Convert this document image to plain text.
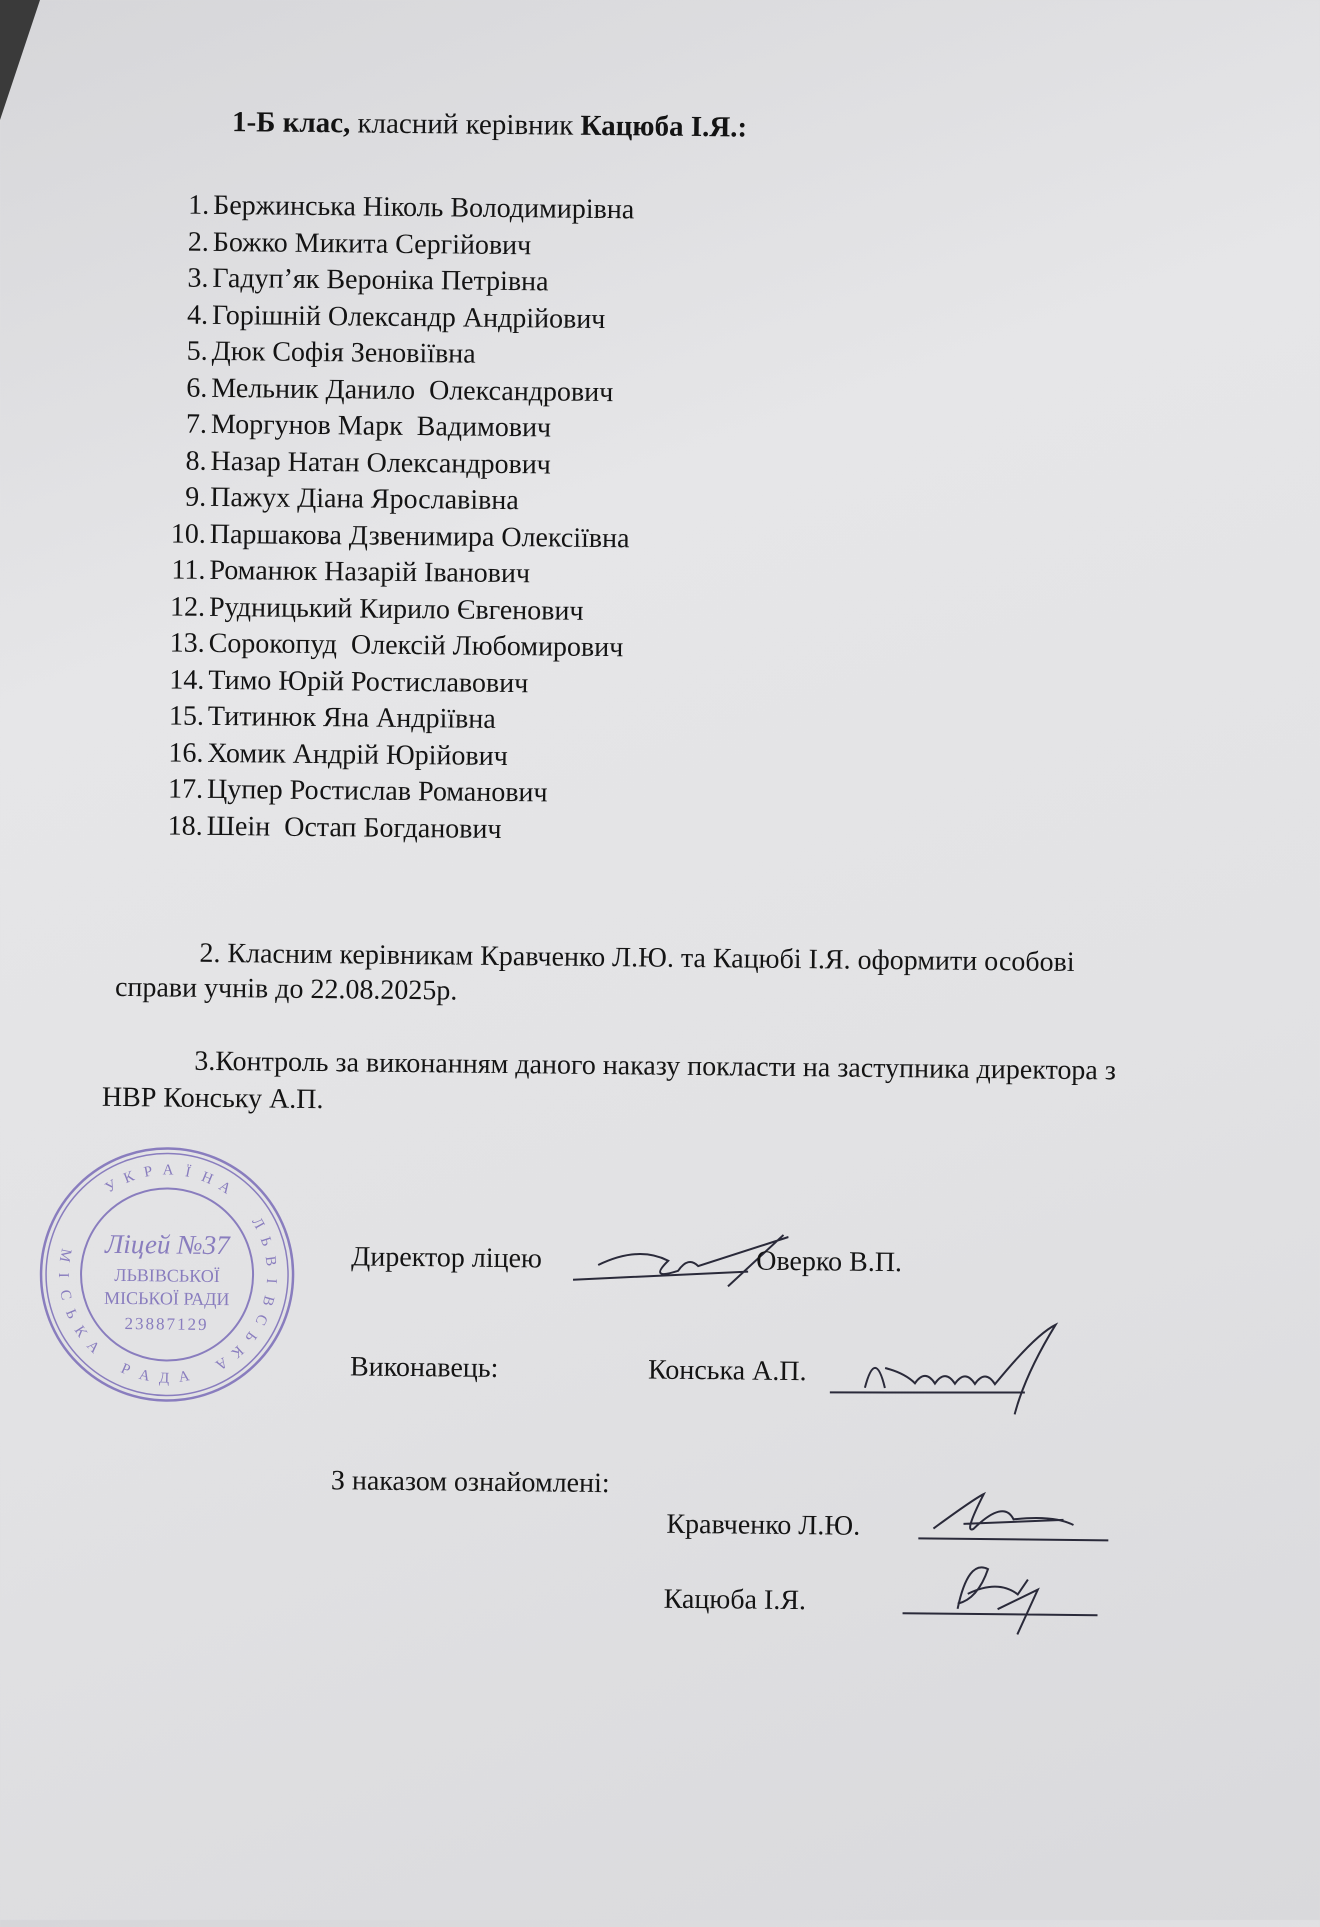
1-Б клас, класний керівник Кацюба І.Я.:
1. Бержинська Ніколь Володимирівна
2. Божко Микита Сергійович
3. Гадуп’як Вероніка Петрівна
4. Горішній Олександр Андрійович
5. Дюк Софія Зеновіївна
6. Мельник Данило  Олександрович
7. Моргунов Марк  Вадимович
8. Назар Натан Олександрович
9. Пажух Діана Ярославівна
10. Паршакова Дзвенимира Олексіївна
11. Романюк Назарій Іванович
12. Рудницький Кирило Євгенович
13. Сорокопуд  Олексій Любомирович
14. Тимо Юрій Ростиславович
15. Титинюк Яна Андріївна
16. Хомик Андрій Юрійович
17. Цупер Ростислав Романович
18. Шеін  Остап Богданович
2. Класним керівникам Кравченко Л.Ю. та Кацюбі І.Я. оформити особові
справи учнів до 22.08.2025р.
3.Контроль за виконанням даного наказу покласти на заступника директора з
НВР Конську А.П.
У К Р А Ї Н А
Л
Ь
В
І
В
С
Ь
К
А
М
І
С
Ь
К
А
Р А Д А
Ліцей №37
ЛЬВІВСЬКОЇ
МІСЬКОЇ РАДИ
23887129
Директор ліцею	Оверко В.П.
Виконавець:	Конська А.П.
З наказом ознайомлені:
Кравченко Л.Ю.
Кацюба І.Я.
